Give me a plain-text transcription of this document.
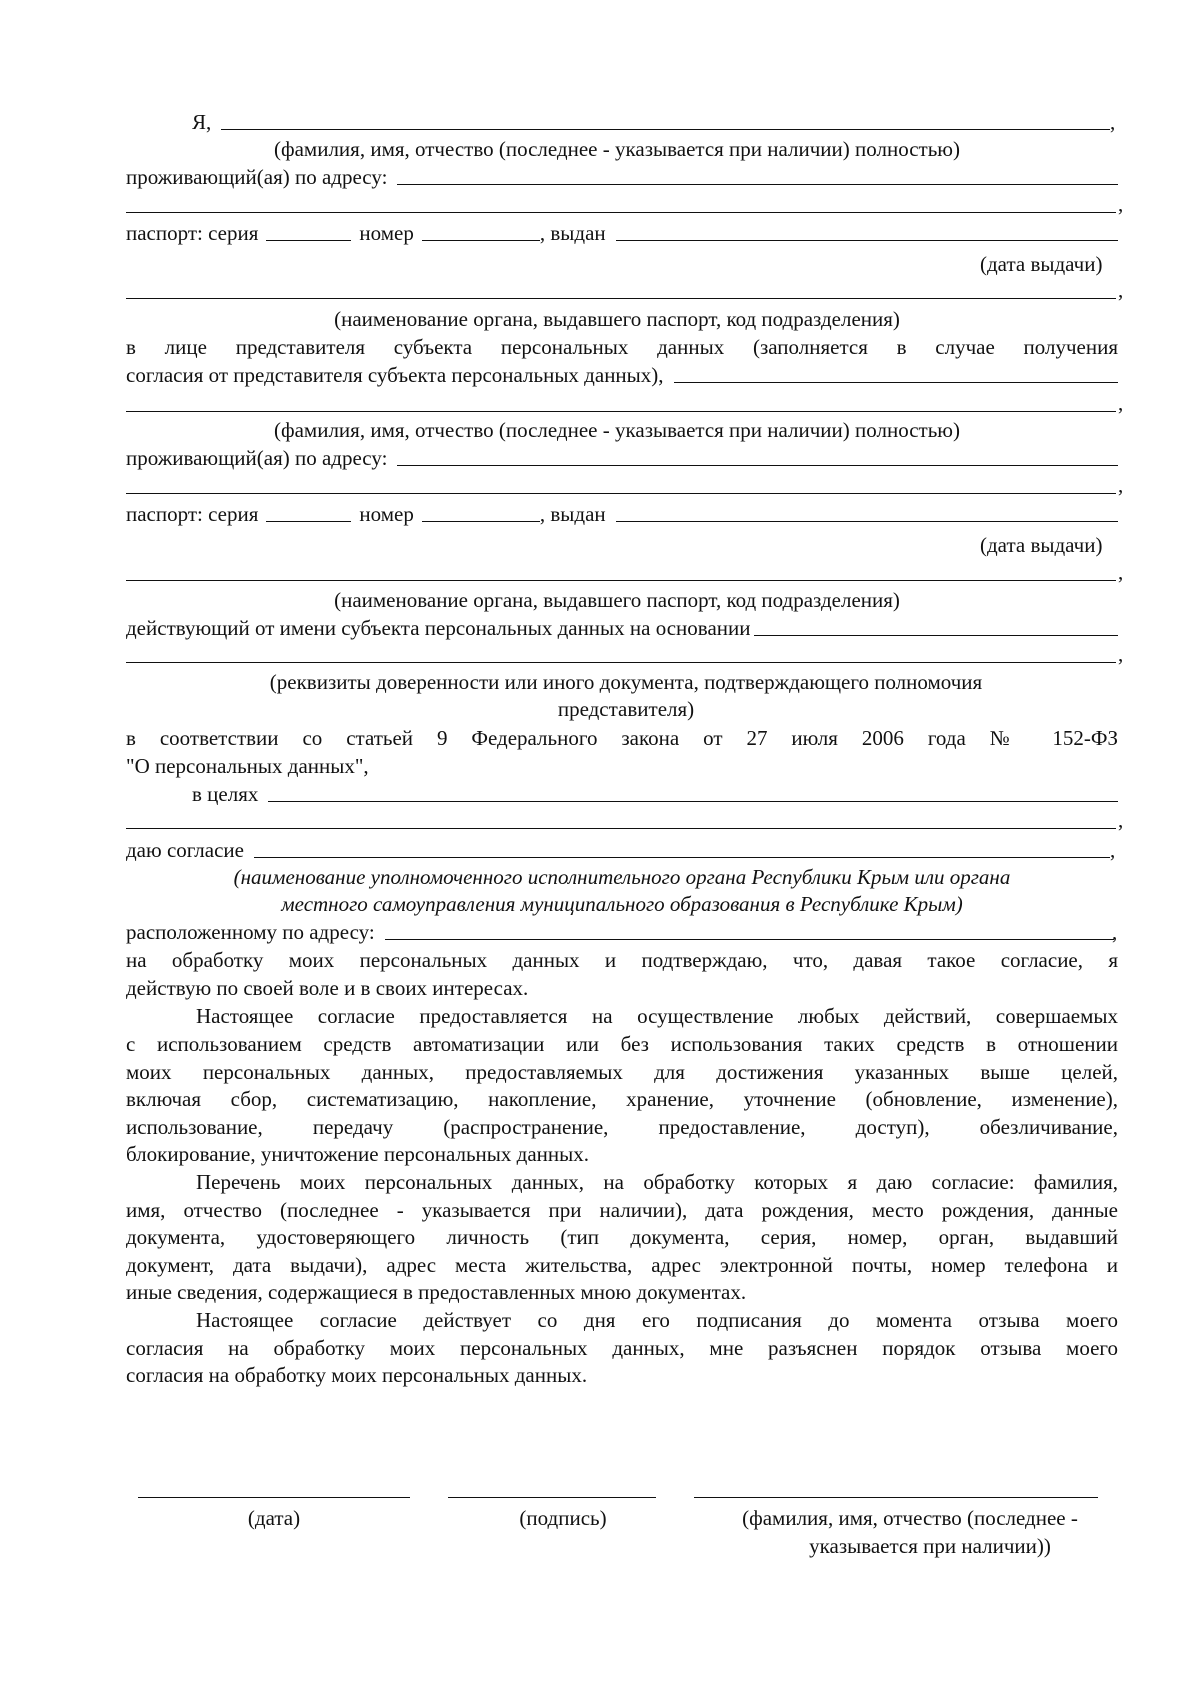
Я,	,
(фамилия, имя, отчество (последнее - указывается при наличии) полностью)
проживающий(ая) по адресу:
,
паспорт: серия	номер	, выдан
(дата выдачи)
,
(наименование органа, выдавшего паспорт, код подразделения)
в лице представителя субъекта персональных данных (заполняется в случае получения
согласия от представителя субъекта персональных данных),
,
(фамилия, имя, отчество (последнее - указывается при наличии) полностью)
проживающий(ая) по адресу:
,
паспорт: серия	номер	, выдан
(дата выдачи)
,
(наименование органа, выдавшего паспорт, код подразделения)
действующий от имени субъекта персональных данных на основании
,
(реквизиты доверенности или иного документа, подтверждающего полномочия
представителя)
в соответствии со статьей 9 Федерального закона от 27 июля 2006 года № 152-ФЗ
"О персональных данных",
в целях
,
даю согласие	,
(наименование уполномоченного исполнительного органа Республики Крым или органа
местного самоуправления муниципального образования в Республике Крым)
расположенному по адресу:	,
на обработку моих персональных данных и подтверждаю, что, давая такое согласие, я
действую по своей воле и в своих интересах.
Настоящее согласие предоставляется на осуществление любых действий, совершаемых
с использованием средств автоматизации или без использования таких средств в отношении
моих персональных данных, предоставляемых для достижения указанных выше целей,
включая сбор, систематизацию, накопление, хранение, уточнение (обновление, изменение),
использование, передачу (распространение, предоставление, доступ), обезличивание,
блокирование, уничтожение персональных данных.
Перечень моих персональных данных, на обработку которых я даю согласие: фамилия,
имя, отчество (последнее - указывается при наличии), дата рождения, место рождения, данные
документа, удостоверяющего личность (тип документа, серия, номер, орган, выдавший
документ, дата выдачи), адрес места жительства, адрес электронной почты, номер телефона и
иные сведения, содержащиеся в предоставленных мною документах.
Настоящее согласие действует со дня его подписания до момента отзыва моего
согласия на обработку моих персональных данных, мне разъяснен порядок отзыва моего
согласия на обработку моих персональных данных.
(дата)	(подпись)	(фамилия, имя, отчество (последнее -
указывается при наличии))
